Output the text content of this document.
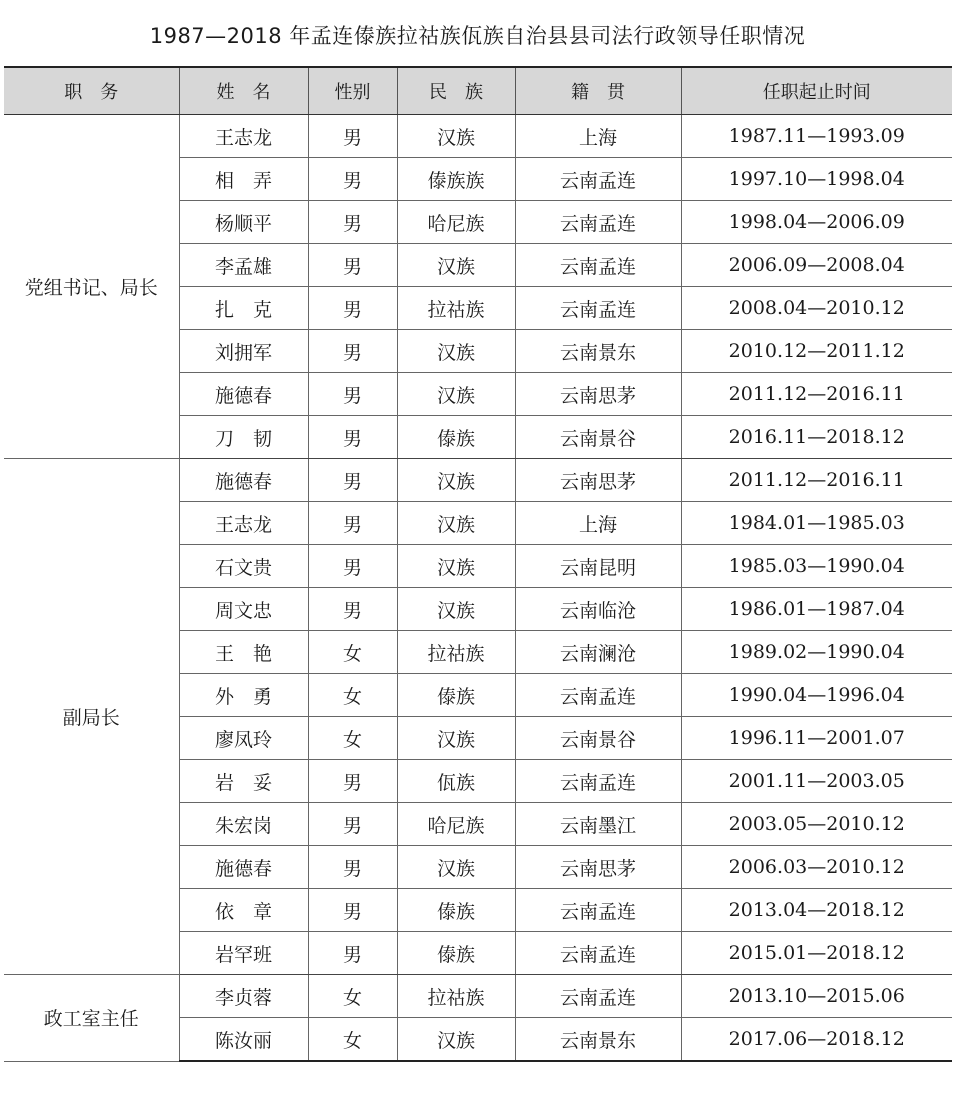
1987—2018 年孟连傣族拉祜族佤族自治县县司法行政领导任职情况
职　务	姓　名	性别	民　族	籍　贯	任职起止时间
党组书记、局长	王志龙	男	汉族	上海	1987.11—1993.09
	相　弄	男	傣族族	云南孟连	1997.10—1998.04
	杨顺平	男	哈尼族	云南孟连	1998.04—2006.09
	李孟雄	男	汉族	云南孟连	2006.09—2008.04
	扎　克	男	拉祜族	云南孟连	2008.04—2010.12
	刘拥军	男	汉族	云南景东	2010.12—2011.12
	施德春	男	汉族	云南思茅	2011.12—2016.11
	刀　韧	男	傣族	云南景谷	2016.11—2018.12
副局长	施德春	男	汉族	云南思茅	2011.12—2016.11
	王志龙	男	汉族	上海	1984.01—1985.03
	石文贵	男	汉族	云南昆明	1985.03—1990.04
	周文忠	男	汉族	云南临沧	1986.01—1987.04
	王　艳	女	拉祜族	云南澜沧	1989.02—1990.04
	外　勇	女	傣族	云南孟连	1990.04—1996.04
	廖凤玲	女	汉族	云南景谷	1996.11—2001.07
	岩　妥	男	佤族	云南孟连	2001.11—2003.05
	朱宏岗	男	哈尼族	云南墨江	2003.05—2010.12
	施德春	男	汉族	云南思茅	2006.03—2010.12
	依　章	男	傣族	云南孟连	2013.04—2018.12
	岩罕班	男	傣族	云南孟连	2015.01—2018.12
政工室主任	李贞蓉	女	拉祜族	云南孟连	2013.10—2015.06
	陈汝丽	女	汉族	云南景东	2017.06—2018.12
